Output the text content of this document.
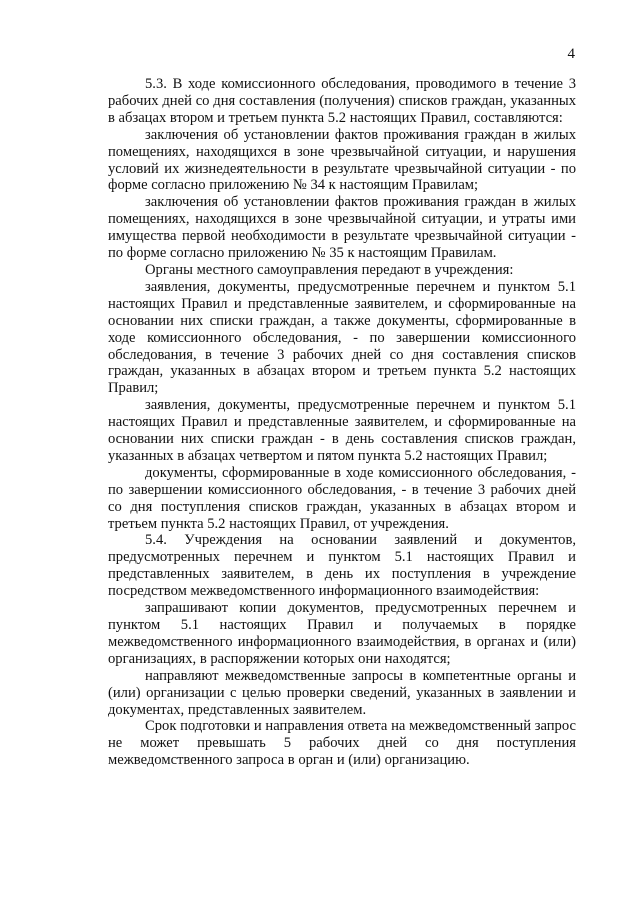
4

5.3. В ходе комиссионного обследования, проводимого в течение 3 рабочих дней со дня составления (получения) списков граждан, указанных в абзацах втором и третьем пункта 5.2 настоящих Правил, составляются:

заключения об установлении фактов проживания граждан в жилых помещениях, находящихся в зоне чрезвычайной ситуации, и нарушения условий их жизнедеятельности в результате чрезвычайной ситуации - по форме согласно приложению № 34 к настоящим Правилам;

заключения об установлении фактов проживания граждан в жилых помещениях, находящихся в зоне чрезвычайной ситуации, и утраты ими имущества первой необходимости в результате чрезвычайной ситуации - по форме согласно приложению № 35 к настоящим Правилам.

Органы местного самоуправления передают в учреждения:

заявления, документы, предусмотренные перечнем и пунктом 5.1 настоящих Правил и представленные заявителем, и сформированные на основании них списки граждан, а также документы, сформированные в ходе комиссионного обследования, - по завершении комиссионного обследования, в течение 3 рабочих дней со дня составления списков граждан, указанных в абзацах втором и третьем пункта 5.2 настоящих Правил;

заявления, документы, предусмотренные перечнем и пунктом 5.1 настоящих Правил и представленные заявителем, и сформированные на основании них списки граждан - в день составления списков граждан, указанных в абзацах четвертом и пятом пункта 5.2 настоящих Правил;

документы, сформированные в ходе комиссионного обследования, - по завершении комиссионного обследования, - в течение 3 рабочих дней со дня поступления списков граждан, указанных в абзацах втором и третьем пункта 5.2 настоящих Правил, от учреждения.

5.4. Учреждения на основании заявлений и документов, предусмотренных перечнем и пунктом 5.1 настоящих Правил и представленных заявителем, в день их поступления в учреждение посредством межведомственного информационного взаимодействия:

запрашивают копии документов, предусмотренных перечнем и пунктом 5.1 настоящих Правил и получаемых в порядке межведомственного информационного взаимодействия, в органах и (или) организациях, в распоряжении которых они находятся;

направляют межведомственные запросы в компетентные органы и (или) организации с целью проверки сведений, указанных в заявлении и документах, представленных заявителем.

Срок подготовки и направления ответа на межведомственный запрос не может превышать 5 рабочих дней со дня поступления межведомственного запроса в орган и (или) организацию.
